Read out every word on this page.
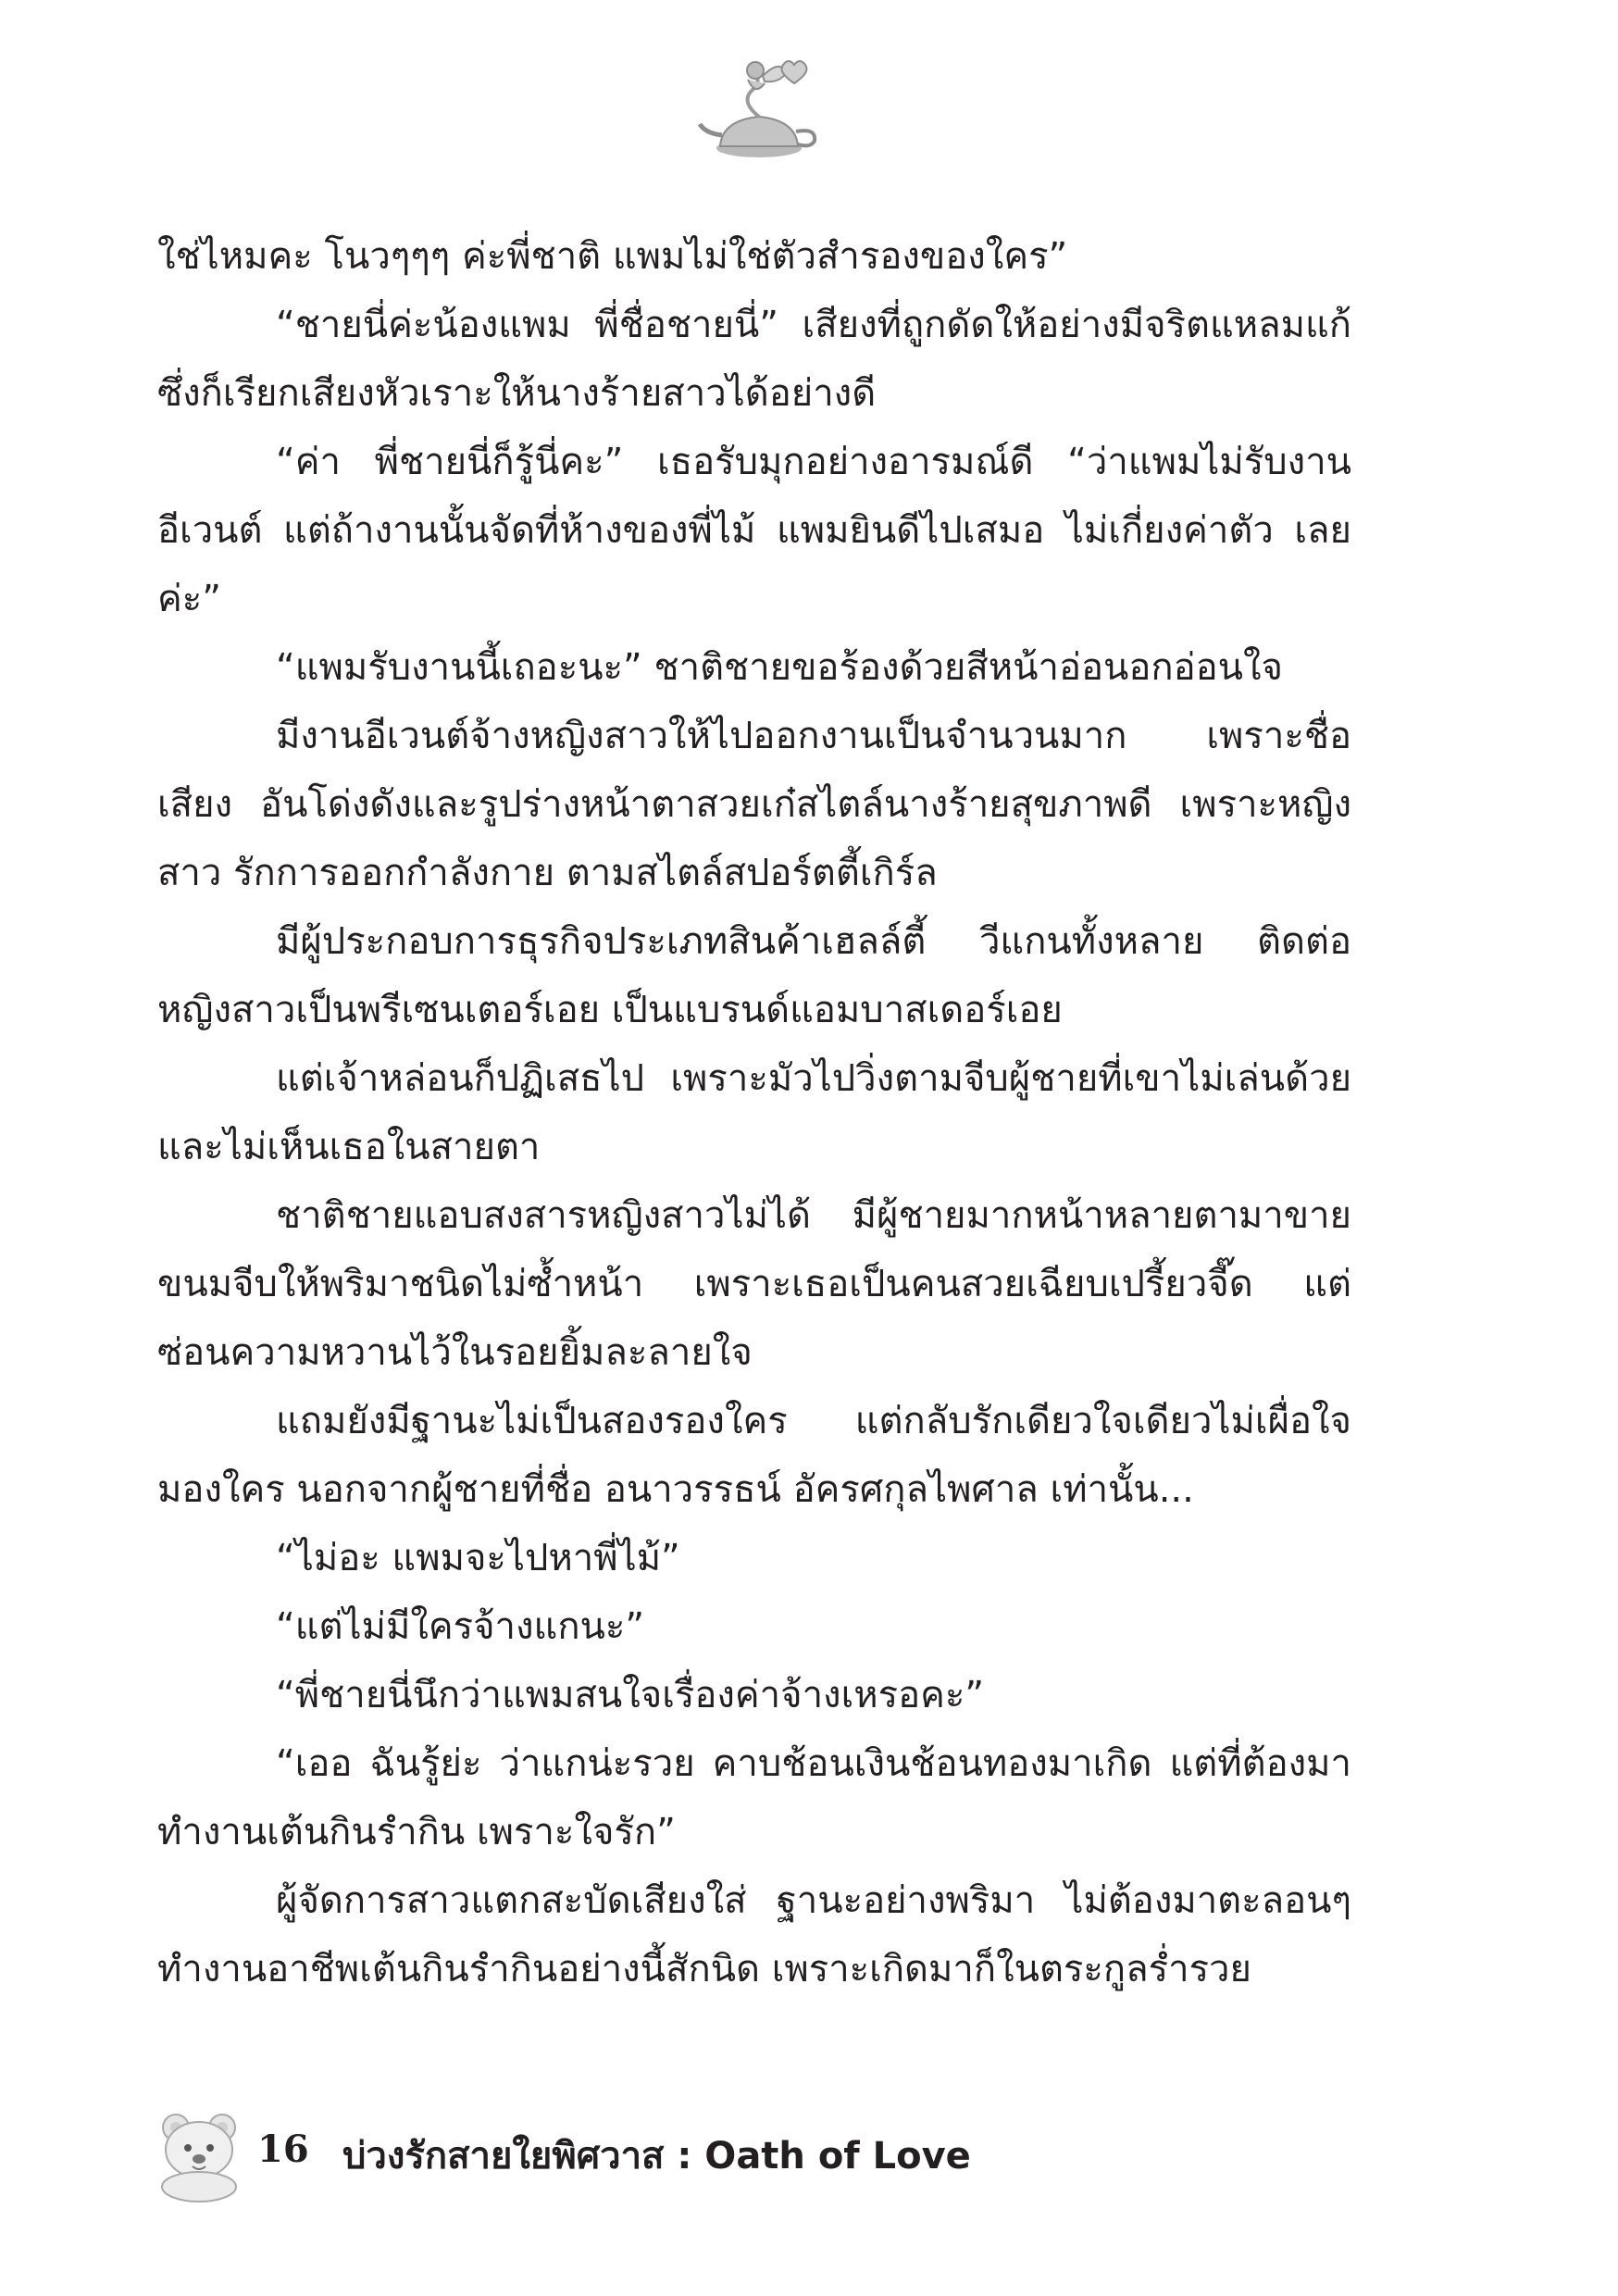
ใช่ไหมคะ โนวๆๆๆ ค่ะพี่ชาติ แพมไม่ใช่ตัวสำรองของใคร”

“ชายนี่ค่ะน้องแพม พี่ชื่อชายนี่” เสียงที่ถูกดัดให้อย่างมีจริตแหลมแก้ ซึ่งก็เรียกเสียงหัวเราะให้นางร้ายสาวได้อย่างดี

“ค่า พี่ชายนี่ก็รู้นี่คะ” เธอรับมุกอย่างอารมณ์ดี “ว่าแพมไม่รับงาน อีเวนต์ แต่ถ้างานนั้นจัดที่ห้างของพี่ไม้ แพมยินดีไปเสมอ ไม่เกี่ยงค่าตัว เลยค่ะ”

“แพมรับงานนี้เถอะนะ” ชาติชายขอร้องด้วยสีหน้าอ่อนอกอ่อนใจ

มีงานอีเวนต์จ้างหญิงสาวให้ไปออกงานเป็นจำนวนมาก เพราะชื่อเสียง อันโด่งดังและรูปร่างหน้าตาสวยเก๋สไตล์นางร้ายสุขภาพดี เพราะหญิงสาว รักการออกกำลังกาย ตามสไตล์สปอร์ตตี้เกิร์ล

มีผู้ประกอบการธุรกิจประเภทสินค้าเฮลล์ตี้ วีแกนทั้งหลาย ติดต่อ หญิงสาวเป็นพรีเซนเตอร์เอย เป็นแบรนด์แอมบาสเดอร์เอย

แต่เจ้าหล่อนก็ปฏิเสธไป เพราะมัวไปวิ่งตามจีบผู้ชายที่เขาไม่เล่นด้วย และไม่เห็นเธอในสายตา

ชาติชายแอบสงสารหญิงสาวไม่ได้ มีผู้ชายมากหน้าหลายตามาขาย ขนมจีบให้พริมาชนิดไม่ซ้ำหน้า เพราะเธอเป็นคนสวยเฉียบเปรี้ยวจี๊ด แต่ ซ่อนความหวานไว้ในรอยยิ้มละลายใจ

แถมยังมีฐานะไม่เป็นสองรองใคร แต่กลับรักเดียวใจเดียวไม่เผื่อใจ มองใคร นอกจากผู้ชายที่ชื่อ อนาวรรธน์ อัครศกุลไพศาล เท่านั้น...

“ไม่อะ แพมจะไปหาพี่ไม้”

“แต่ไม่มีใครจ้างแกนะ”

“พี่ชายนี่นึกว่าแพมสนใจเรื่องค่าจ้างเหรอคะ”

“เออ ฉันรู้ย่ะ ว่าแกน่ะรวย คาบช้อนเงินช้อนทองมาเกิด แต่ที่ต้องมา ทำงานเต้นกินรำกิน เพราะใจรัก”

ผู้จัดการสาวแตกสะบัดเสียงใส่ ฐานะอย่างพริมา ไม่ต้องมาตะลอนๆ ทำงานอาชีพเต้นกินรำกินอย่างนี้สักนิด เพราะเกิดมาก็ในตระกูลร่ำรวย

16 บ่วงรักสายใยพิศวาส : Oath of Love
